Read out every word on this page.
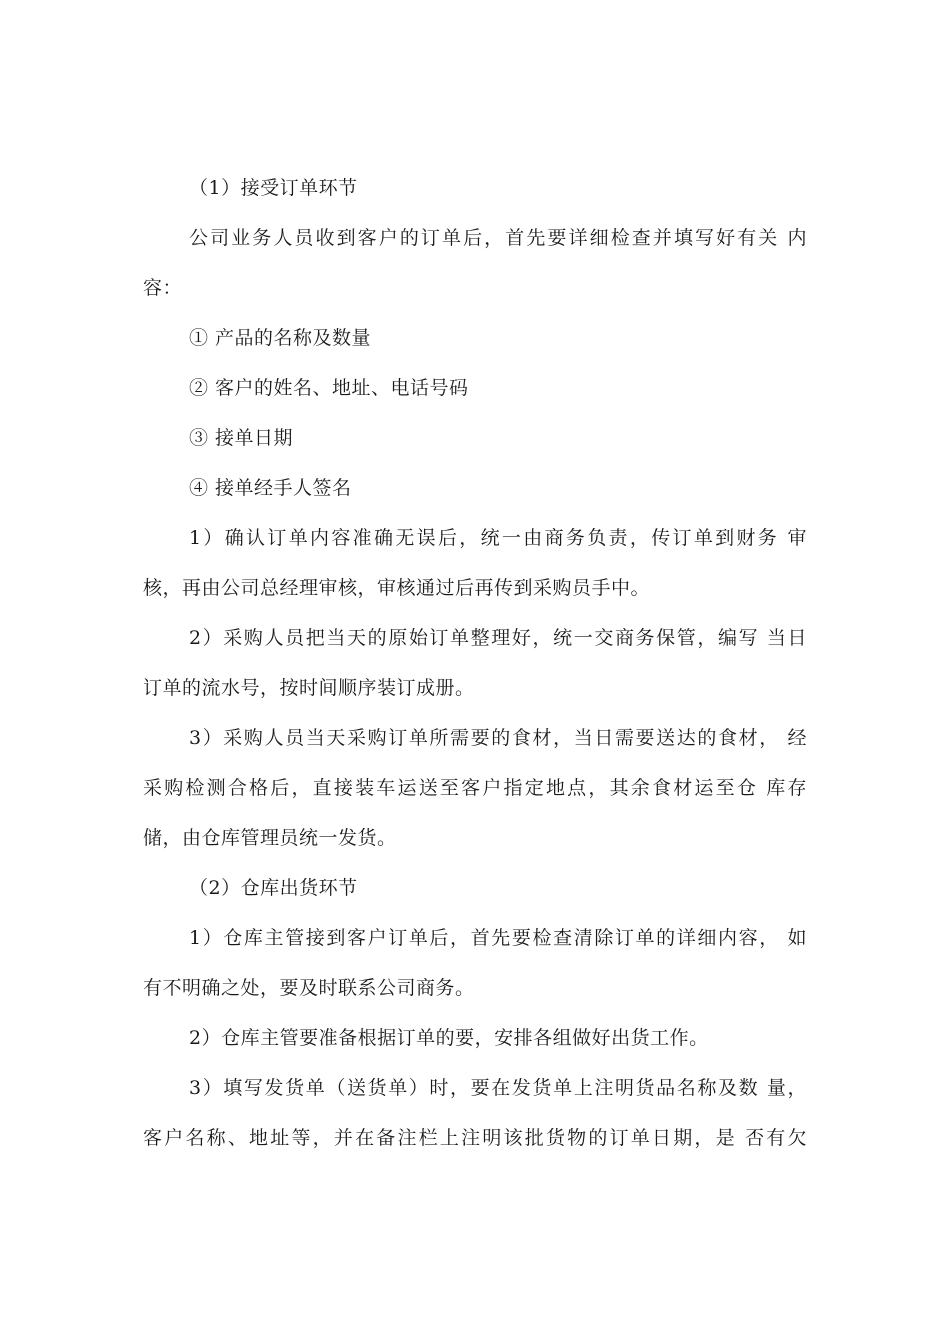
（1）接受订单环节
公司业务人员收到客户的订单后，首先要详细检查并填写好有关 内
容：
① 产品的名称及数量
② 客户的姓名、地址、电话号码
③ 接单日期
④ 接单经手人签名
1）确认订单内容准确无误后，统一由商务负责，传订单到财务 审
核，再由公司总经理审核，审核通过后再传到采购员手中。
2）采购人员把当天的原始订单整理好，统一交商务保管，编写 当日
订单的流水号，按时间顺序装订成册。
3）采购人员当天采购订单所需要的食材，当日需要送达的食材， 经
采购检测合格后，直接装车运送至客户指定地点，其余食材运至仓 库存
储，由仓库管理员统一发货。
（2）仓库出货环节
1）仓库主管接到客户订单后，首先要检查清除订单的详细内容， 如
有不明确之处，要及时联系公司商务。
2）仓库主管要准备根据订单的要，安排各组做好出货工作。
3）填写发货单（送货单）时，要在发货单上注明货品名称及数 量，
客户名称、地址等，并在备注栏上注明该批货物的订单日期，是 否有欠
